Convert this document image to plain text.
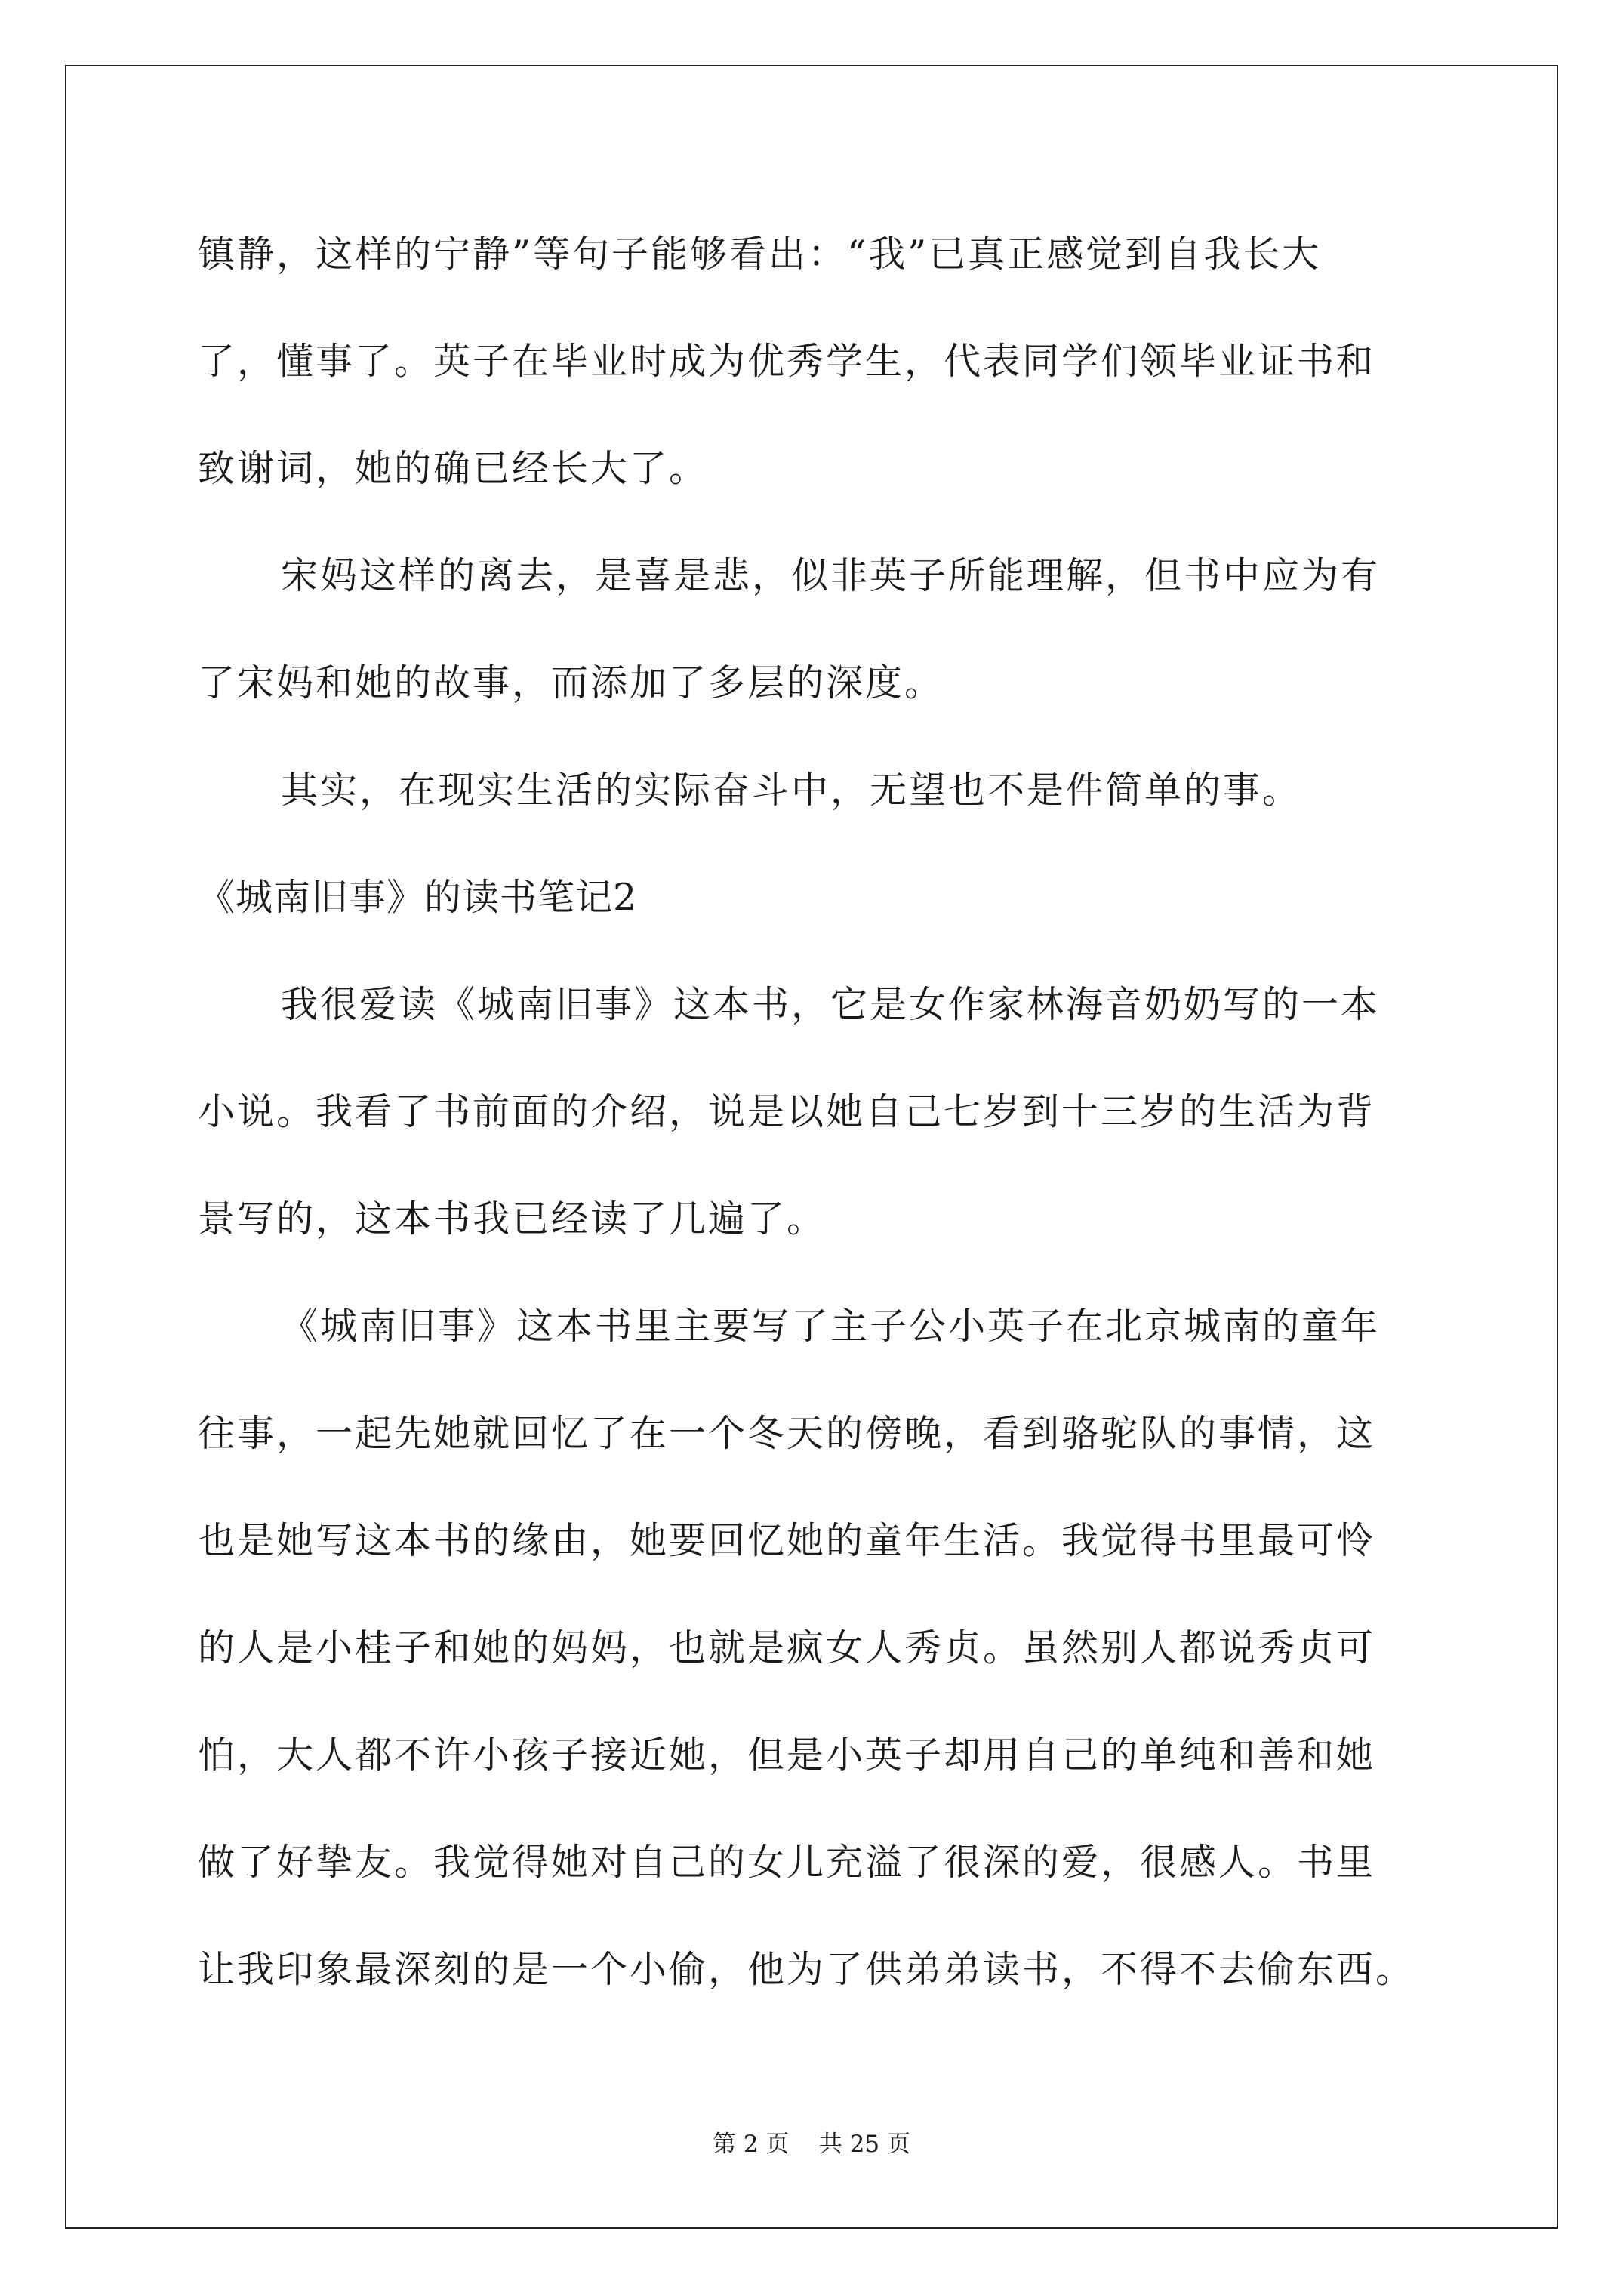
镇静，这样的宁静”等句子能够看出：“我”已真正感觉到自我长大
了，懂事了。英子在毕业时成为优秀学生，代表同学们领毕业证书和
致谢词，她的确已经长大了。
宋妈这样的离去，是喜是悲，似非英子所能理解，但书中应为有
了宋妈和她的故事，而添加了多层的深度。
其实，在现实生活的实际奋斗中，无望也不是件简单的事。
《城南旧事》的读书笔记2
我很爱读《城南旧事》这本书，它是女作家林海音奶奶写的一本
小说。我看了书前面的介绍，说是以她自己七岁到十三岁的生活为背
景写的，这本书我已经读了几遍了。
《城南旧事》这本书里主要写了主子公小英子在北京城南的童年
往事，一起先她就回忆了在一个冬天的傍晚，看到骆驼队的事情，这
也是她写这本书的缘由，她要回忆她的童年生活。我觉得书里最可怜
的人是小桂子和她的妈妈，也就是疯女人秀贞。虽然别人都说秀贞可
怕，大人都不许小孩子接近她，但是小英子却用自己的单纯和善和她
做了好挚友。我觉得她对自己的女儿充溢了很深的爱，很感人。书里
让我印象最深刻的是一个小偷，他为了供弟弟读书，不得不去偷东西。
第 2 页    共 25 页
